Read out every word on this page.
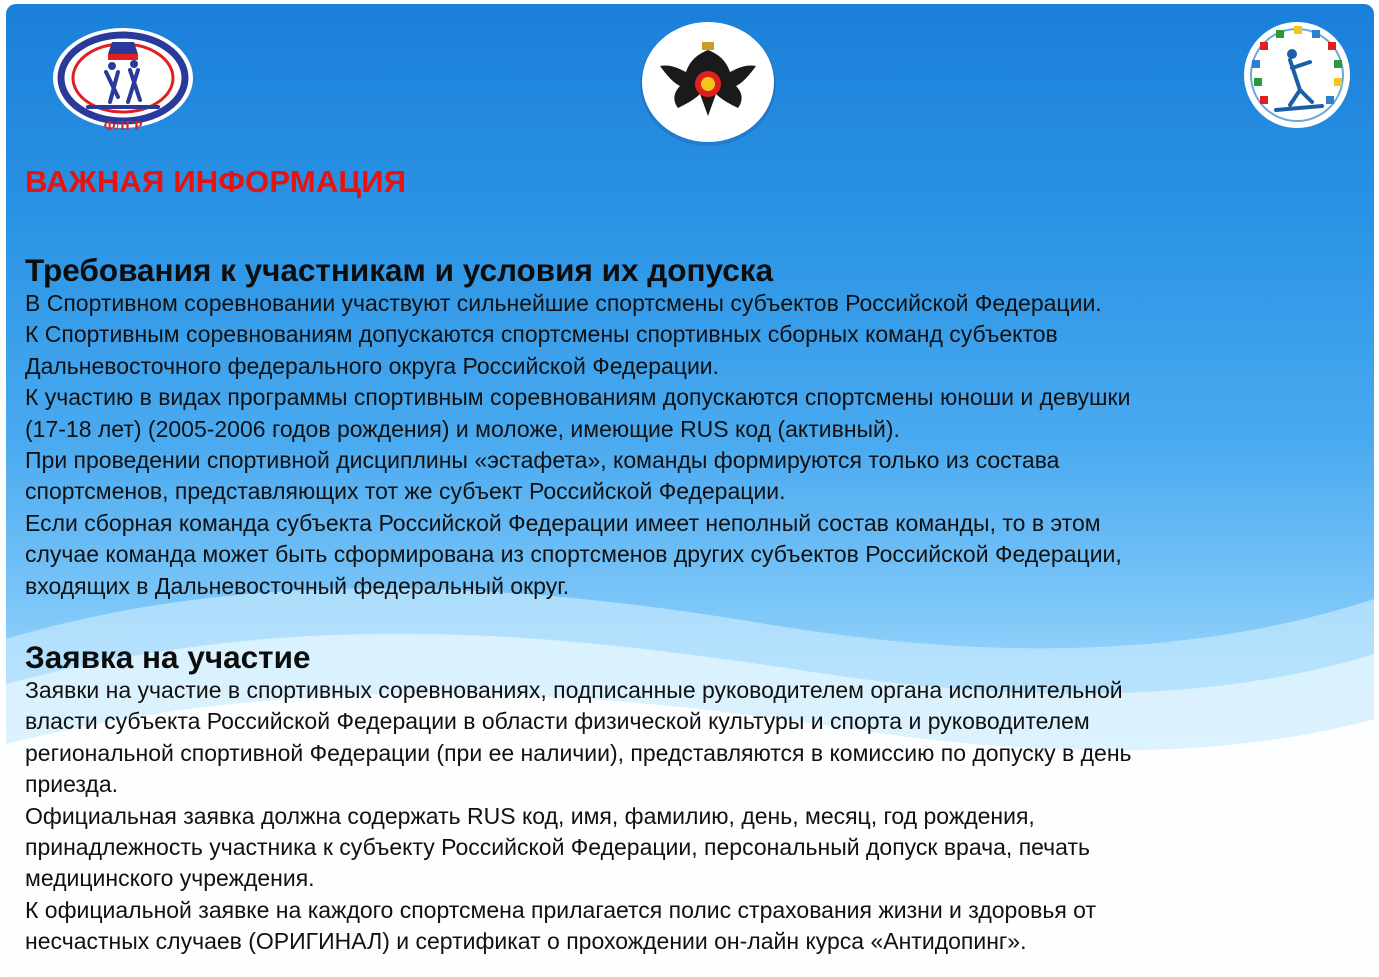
ФЛГР
ВАЖНАЯ ИНФОРМАЦИЯ
Требования к участникам и условия их допуска

В Спортивном соревновании участвуют сильнейшие спортсмены субъектов Российской Федерации.

К Спортивным соревнованиям допускаются спортсмены спортивных сборных команд субъектов

Дальневосточного федерального округа Российской Федерации.

К участию в видах программы спортивным соревнованиям допускаются спортсмены юноши и девушки

(17-18 лет) (2005-2006 годов рождения) и моложе, имеющие RUS код (активный).

При проведении спортивной дисциплины «эстафета», команды формируются только из состава

спортсменов, представляющих тот же субъект Российской Федерации.

Если сборная команда субъекта Российской Федерации имеет неполный состав команды, то в этом

случае команда может быть сформирована из спортсменов других субъектов Российской Федерации,

входящих в Дальневосточный федеральный округ.

Заявка на участие

Заявки на участие в спортивных соревнованиях, подписанные руководителем органа исполнительной

власти субъекта Российской Федерации в области физической культуры и спорта и руководителем

региональной спортивной Федерации (при ее наличии), представляются в комиссию по допуску в день

приезда.

Официальная заявка должна содержать RUS код, имя, фамилию, день, месяц, год рождения,

принадлежность участника к субъекту Российской Федерации, персональный допуск врача, печать

медицинского учреждения.

К официальной заявке на каждого спортсмена прилагается полис страхования жизни и здоровья от

несчастных случаев (ОРИГИНАЛ) и сертификат о прохождении он-лайн курса «Антидопинг».
